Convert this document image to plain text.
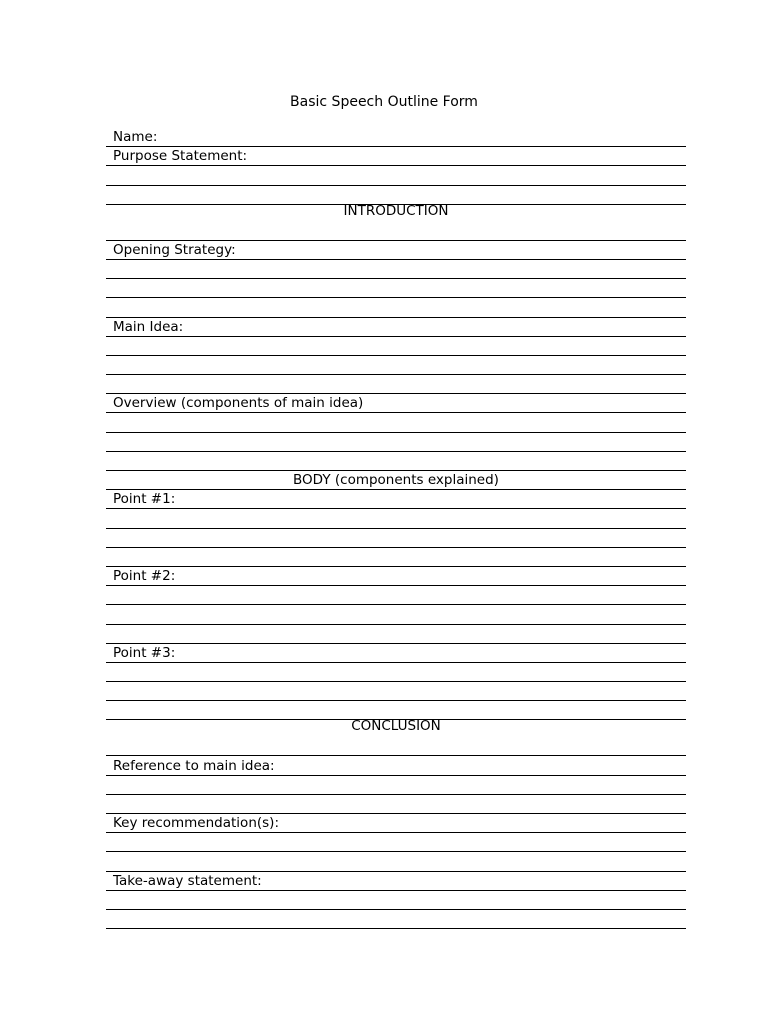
Basic Speech Outline Form
Name:
Purpose Statement:
INTRODUCTION
Opening Strategy:
Main Idea:
Overview (components of main idea)
BODY (components explained)
Point #1:
Point #2:
Point #3:
CONCLUSION
Reference to main idea:
Key recommendation(s):
Take-away statement:
